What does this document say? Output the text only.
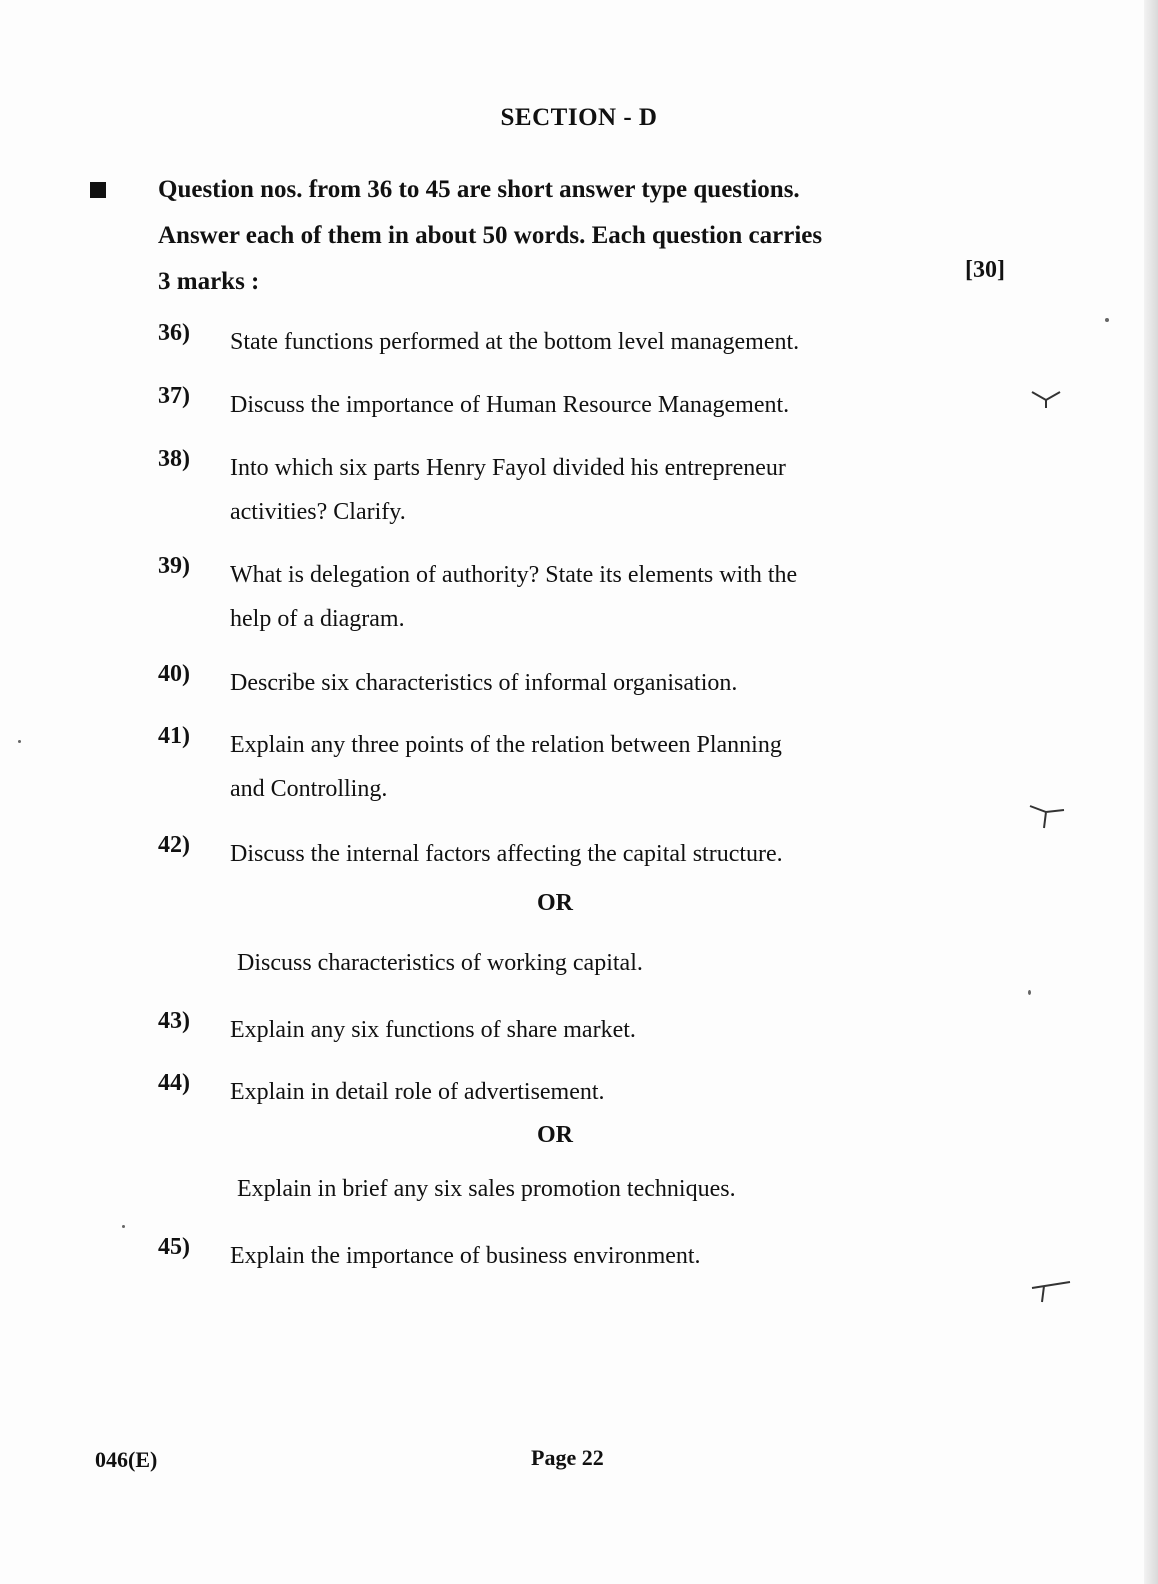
SECTION - D
Question nos. from 36 to 45 are short answer type questions.
Answer each of them in about 50 words. Each question carries
3 marks :	[30]
36) State functions performed at the bottom level management.
37) Discuss the importance of Human Resource Management.
38) Into which six parts Henry Fayol divided his entrepreneur
activities? Clarify.
39) What is delegation of authority? State its elements with the
help of a diagram.
40) Describe six characteristics of informal organisation.
41) Explain any three points of the relation between Planning
and Controlling.
42) Discuss the internal factors affecting the capital structure.
OR
Discuss characteristics of working capital.
43) Explain any six functions of share market.
44) Explain in detail role of advertisement.
OR
Explain in brief any six sales promotion techniques.
45) Explain the importance of business environment.
046(E)	Page 22
